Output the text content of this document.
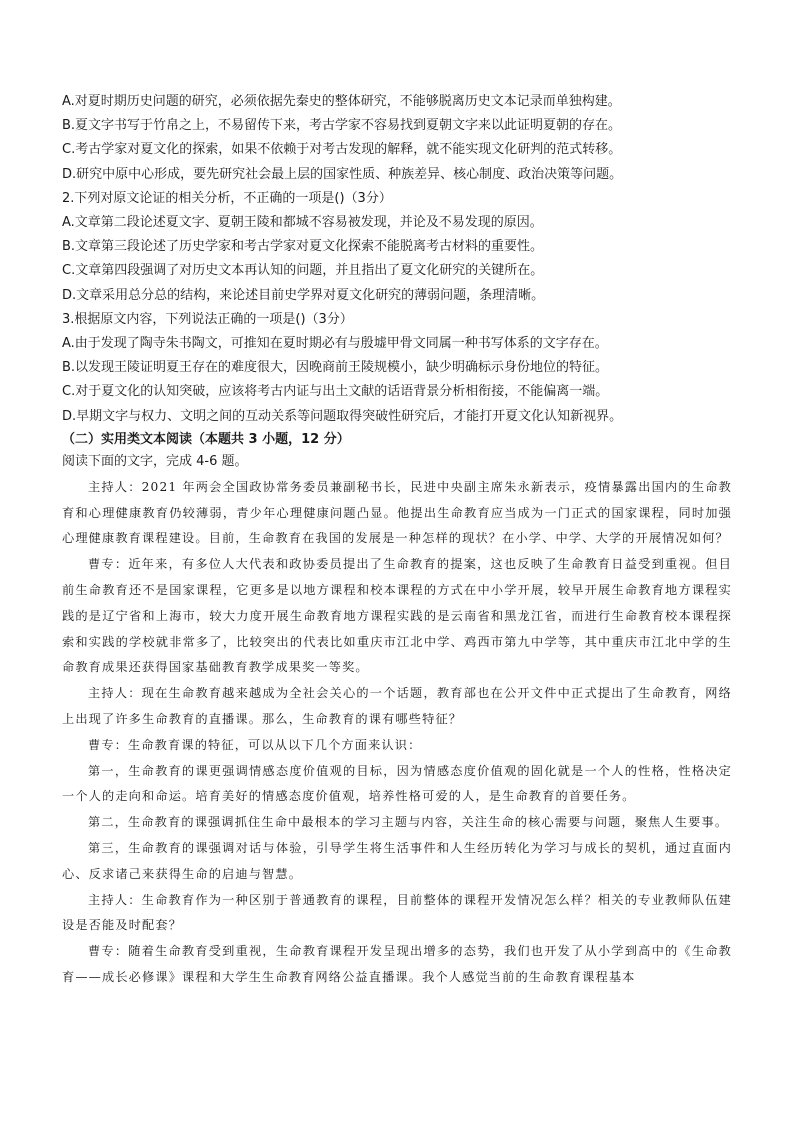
A.对夏时期历史问题的研究，必须依据先秦史的整体研究，不能够脱离历史文本记录而单独构建。
B.夏文字书写于竹帛之上，不易留传下来，考古学家不容易找到夏朝文字来以此证明夏朝的存在。
C.考古学家对夏文化的探索，如果不依赖于对考古发现的解释，就不能实现文化研判的范式转移。
D.研究中原中心形成，要先研究社会最上层的国家性质、种族差异、核心制度、政治决策等问题。
2.下列对原文论证的相关分析，不正确的一项是()（3分）
A.文章第二段论述夏文字、夏朝王陵和都城不容易被发现，并论及不易发现的原因。
B.文章第三段论述了历史学家和考古学家对夏文化探索不能脱离考古材料的重要性。
C.文章第四段强调了对历史文本再认知的问题，并且指出了夏文化研究的关键所在。
D.文章采用总分总的结构，来论述目前史学界对夏文化研究的薄弱问题，条理清晰。
3.根据原文内容，下列说法正确的一项是()（3分）
A.由于发现了陶寺朱书陶文，可推知在夏时期必有与殷墟甲骨文同属一种书写体系的文字存在。
B.以发现王陵证明夏王存在的难度很大，因晚商前王陵规模小，缺少明确标示身份地位的特征。
C.对于夏文化的认知突破，应该将考古内证与出土文献的话语背景分析相衔接，不能偏离一端。
D.早期文字与权力、文明之间的互动关系等问题取得突破性研究后，才能打开夏文化认知新视界。
（二）实用类文本阅读（本题共 3 小题，12 分）
阅读下面的文字，完成 4-6 题。

主持人：2021 年两会全国政协常务委员兼副秘书长，民进中央副主席朱永新表示，疫情暴露出国内的生命教育和心理健康教育仍较薄弱，青少年心理健康问题凸显。他提出生命教育应当成为一门正式的国家课程，同时加强心理健康教育课程建设。目前，生命教育在我国的发展是一种怎样的现状？在小学、中学、大学的开展情况如何？

曹专：近年来，有多位人大代表和政协委员提出了生命教育的提案，这也反映了生命教育日益受到重视。但目前生命教育还不是国家课程，它更多是以地方课程和校本课程的方式在中小学开展，较早开展生命教育地方课程实践的是辽宁省和上海市，较大力度开展生命教育地方课程实践的是云南省和黑龙江省，而进行生命教育校本课程探索和实践的学校就非常多了，比较突出的代表比如重庆市江北中学、鸡西市第九中学等，其中重庆市江北中学的生命教育成果还获得国家基础教育教学成果奖一等奖。

主持人：现在生命教育越来越成为全社会关心的一个话题，教育部也在公开文件中正式提出了生命教育，网络上出现了许多生命教育的直播课。那么，生命教育的课有哪些特征？

曹专：生命教育课的特征，可以从以下几个方面来认识：

第一，生命教育的课更强调情感态度价值观的目标，因为情感态度价值观的固化就是一个人的性格，性格决定一个人的走向和命运。培育美好的情感态度价值观，培养性格可爱的人，是生命教育的首要任务。

第二，生命教育的课强调抓住生命中最根本的学习主题与内容，关注生命的核心需要与问题，聚焦人生要事。

第三，生命教育的课强调对话与体验，引导学生将生活事件和人生经历转化为学习与成长的契机，通过直面内心、反求诸己来获得生命的启迪与智慧。

主持人：生命教育作为一种区别于普通教育的课程，目前整体的课程开发情况怎么样？相关的专业教师队伍建设是否能及时配套？

曹专：随着生命教育受到重视，生命教育课程开发呈现出增多的态势，我们也开发了从小学到高中的《生命教育——成长必修课》课程和大学生生命教育网络公益直播课。我个人感觉当前的生命教育课程基本
